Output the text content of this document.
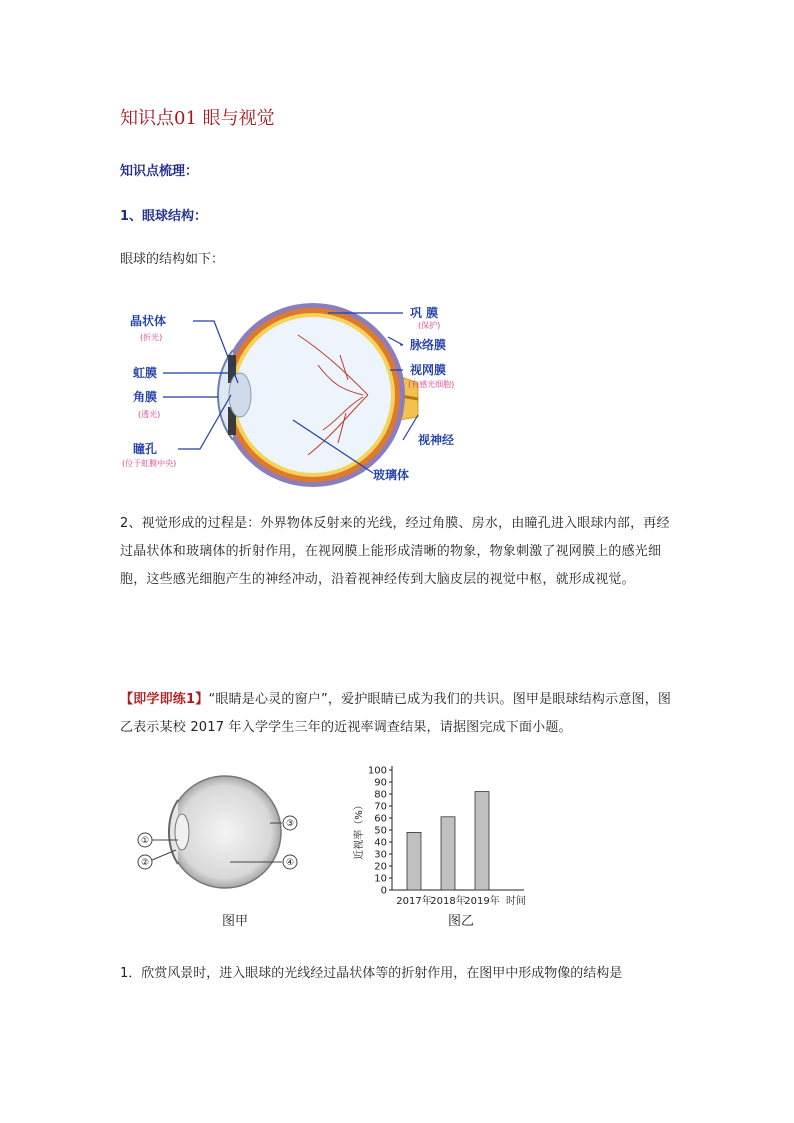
知识点01 眼与视觉
知识点梳理：
1、眼球结构：
眼球的结构如下：
晶状体
虹膜
角膜
瞳孔
巩 膜
脉络膜
视网膜
视神经
玻璃体
(折光)
(透光)
(位于虹膜中央)
(保护)
(有感光细胞)
2、视觉形成的过程是：外界物体反射来的光线，经过角膜、房水，由瞳孔进入眼球内部，再经过晶状体和玻璃体的折射作用，在视网膜上能形成清晰的物象，物象刺激了视网膜上的感光细胞，这些感光细胞产生的神经冲动，沿着视神经传到大脑皮层的视觉中枢，就形成视觉。
【即学即练1】“眼睛是心灵的窗户”，爱护眼睛已成为我们的共识。图甲是眼球结构示意图，图乙表示某校 2017 年入学学生三年的近视率调查结果，请据图完成下面小题。
①
②
③
④
图甲
0
10
20
30
40
50
60
70
80
90
100
2017年
2018年
2019年 时间
近视率（%）
图乙
1．欣赏风景时，进入眼球的光线经过晶状体等的折射作用，在图甲中形成物像的结构是
